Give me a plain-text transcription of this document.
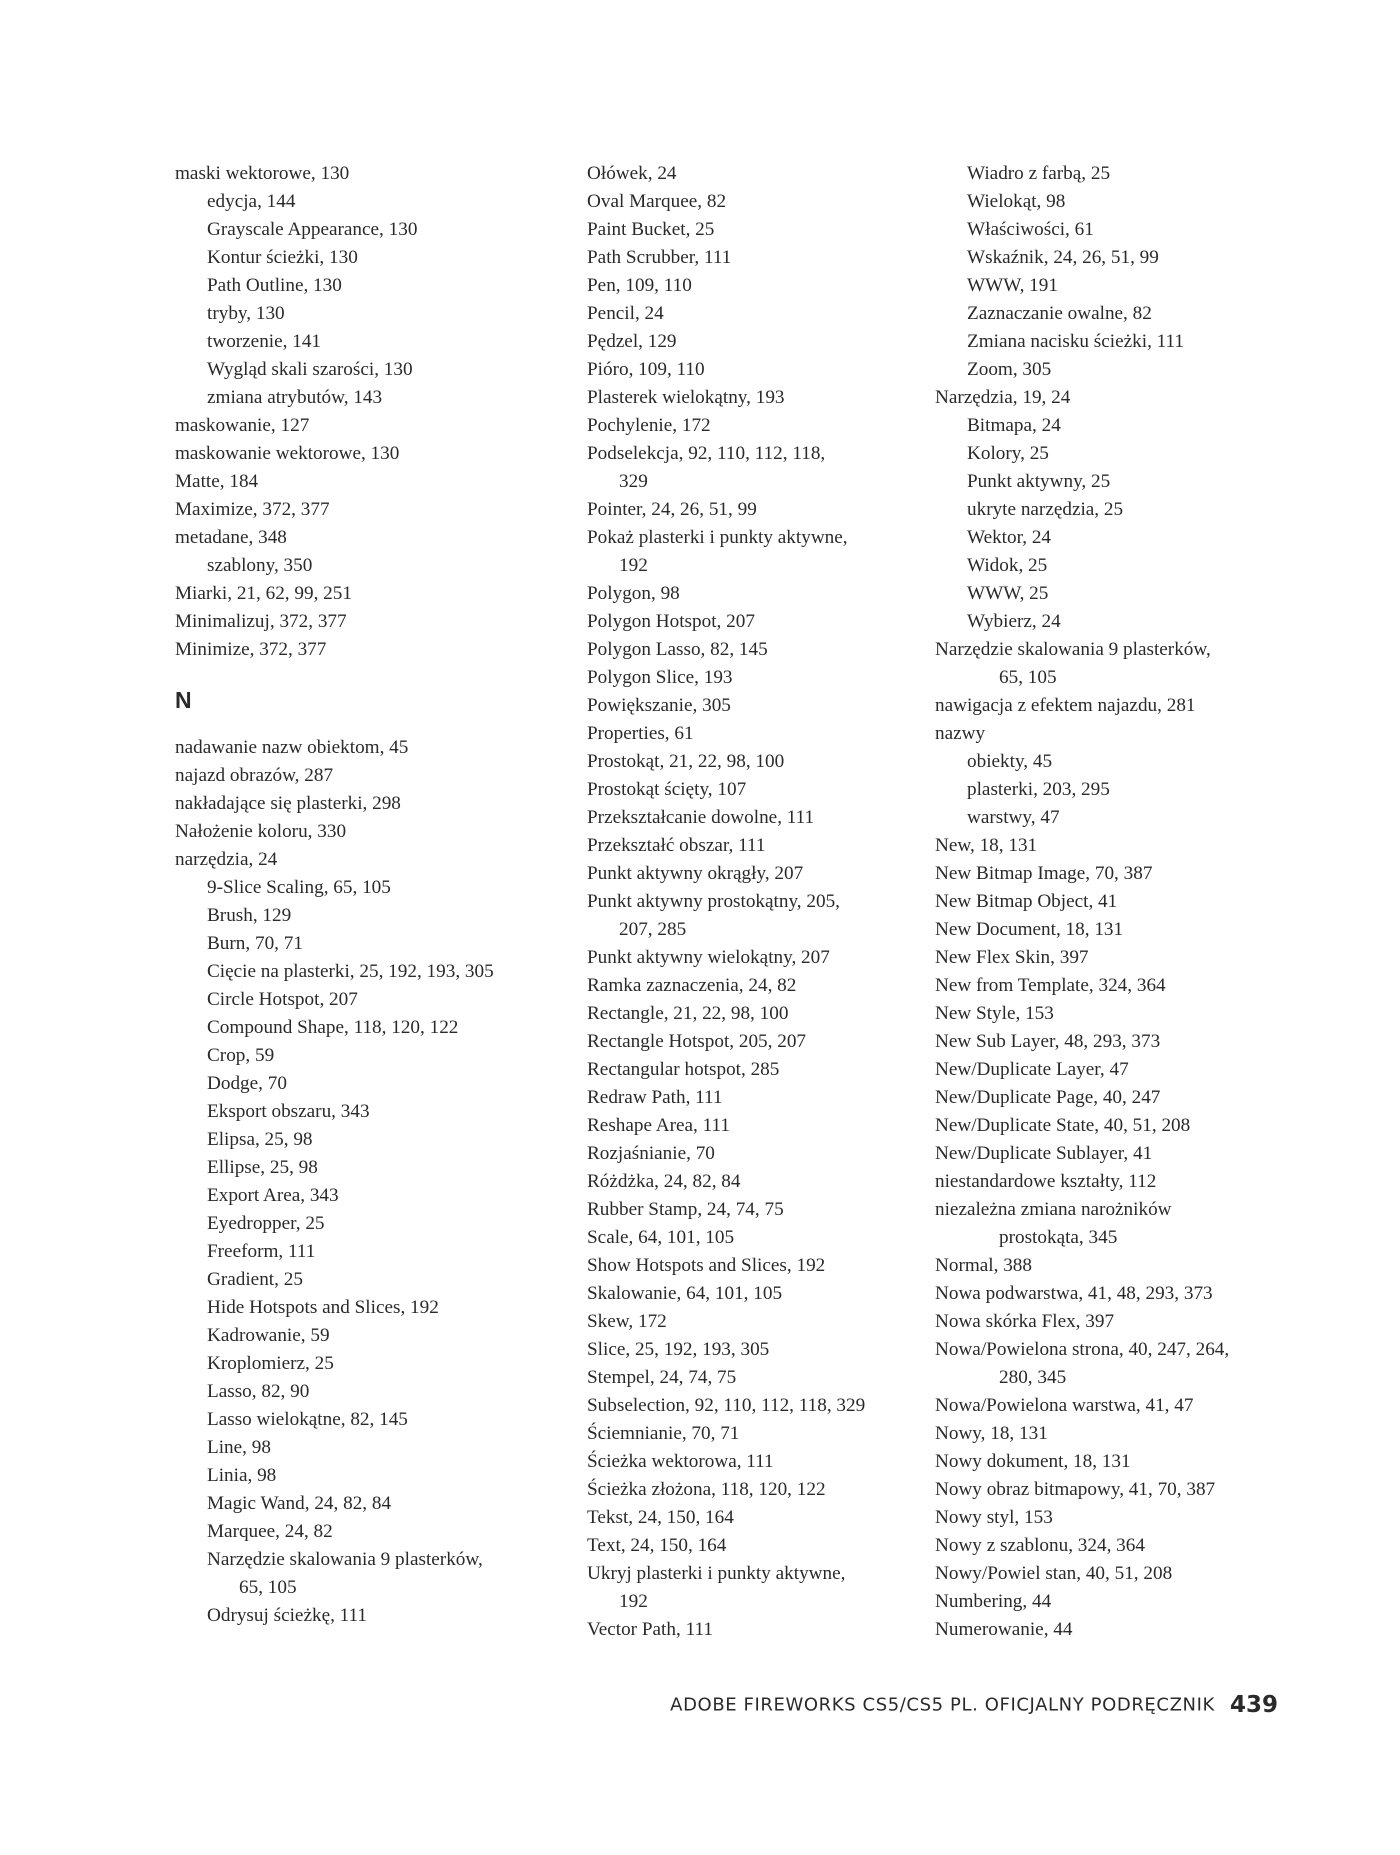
maski wektorowe, 130
edycja, 144
Grayscale Appearance, 130
Kontur ścieżki, 130
Path Outline, 130
tryby, 130
tworzenie, 141
Wygląd skali szarości, 130
zmiana atrybutów, 143
maskowanie, 127
maskowanie wektorowe, 130
Matte, 184
Maximize, 372, 377
metadane, 348
szablony, 350
Miarki, 21, 62, 99, 251
Minimalizuj, 372, 377
Minimize, 372, 377
N
nadawanie nazw obiektom, 45
najazd obrazów, 287
nakładające się plasterki, 298
Nałożenie koloru, 330
narzędzia, 24
9-Slice Scaling, 65, 105
Brush, 129
Burn, 70, 71
Cięcie na plasterki, 25, 192, 193, 305
Circle Hotspot, 207
Compound Shape, 118, 120, 122
Crop, 59
Dodge, 70
Eksport obszaru, 343
Elipsa, 25, 98
Ellipse, 25, 98
Export Area, 343
Eyedropper, 25
Freeform, 111
Gradient, 25
Hide Hotspots and Slices, 192
Kadrowanie, 59
Kroplomierz, 25
Lasso, 82, 90
Lasso wielokątne, 82, 145
Line, 98
Linia, 98
Magic Wand, 24, 82, 84
Marquee, 24, 82
Narzędzie skalowania 9 plasterków,
65, 105
Odrysuj ścieżkę, 111
Ołówek, 24
Oval Marquee, 82
Paint Bucket, 25
Path Scrubber, 111
Pen, 109, 110
Pencil, 24
Pędzel, 129
Pióro, 109, 110
Plasterek wielokątny, 193
Pochylenie, 172
Podselekcja, 92, 110, 112, 118,
329
Pointer, 24, 26, 51, 99
Pokaż plasterki i punkty aktywne,
192
Polygon, 98
Polygon Hotspot, 207
Polygon Lasso, 82, 145
Polygon Slice, 193
Powiększanie, 305
Properties, 61
Prostokąt, 21, 22, 98, 100
Prostokąt ścięty, 107
Przekształcanie dowolne, 111
Przekształć obszar, 111
Punkt aktywny okrągły, 207
Punkt aktywny prostokątny, 205,
207, 285
Punkt aktywny wielokątny, 207
Ramka zaznaczenia, 24, 82
Rectangle, 21, 22, 98, 100
Rectangle Hotspot, 205, 207
Rectangular hotspot, 285
Redraw Path, 111
Reshape Area, 111
Rozjaśnianie, 70
Różdżka, 24, 82, 84
Rubber Stamp, 24, 74, 75
Scale, 64, 101, 105
Show Hotspots and Slices, 192
Skalowanie, 64, 101, 105
Skew, 172
Slice, 25, 192, 193, 305
Stempel, 24, 74, 75
Subselection, 92, 110, 112, 118, 329
Ściemnianie, 70, 71
Ścieżka wektorowa, 111
Ścieżka złożona, 118, 120, 122
Tekst, 24, 150, 164
Text, 24, 150, 164
Ukryj plasterki i punkty aktywne,
192
Vector Path, 111
Wiadro z farbą, 25
Wielokąt, 98
Właściwości, 61
Wskaźnik, 24, 26, 51, 99
WWW, 191
Zaznaczanie owalne, 82
Zmiana nacisku ścieżki, 111
Zoom, 305
Narzędzia, 19, 24
Bitmapa, 24
Kolory, 25
Punkt aktywny, 25
ukryte narzędzia, 25
Wektor, 24
Widok, 25
WWW, 25
Wybierz, 24
Narzędzie skalowania 9 plasterków,
65, 105
nawigacja z efektem najazdu, 281
nazwy
obiekty, 45
plasterki, 203, 295
warstwy, 47
New, 18, 131
New Bitmap Image, 70, 387
New Bitmap Object, 41
New Document, 18, 131
New Flex Skin, 397
New from Template, 324, 364
New Style, 153
New Sub Layer, 48, 293, 373
New/Duplicate Layer, 47
New/Duplicate Page, 40, 247
New/Duplicate State, 40, 51, 208
New/Duplicate Sublayer, 41
niestandardowe kształty, 112
niezależna zmiana narożników
prostokąta, 345
Normal, 388
Nowa podwarstwa, 41, 48, 293, 373
Nowa skórka Flex, 397
Nowa/Powielona strona, 40, 247, 264,
280, 345
Nowa/Powielona warstwa, 41, 47
Nowy, 18, 131
Nowy dokument, 18, 131
Nowy obraz bitmapowy, 41, 70, 387
Nowy styl, 153
Nowy z szablonu, 324, 364
Nowy/Powiel stan, 40, 51, 208
Numbering, 44
Numerowanie, 44
ADOBE FIREWORKS CS5/CS5 PL. OFICJALNY PODRĘCZNIK 439
